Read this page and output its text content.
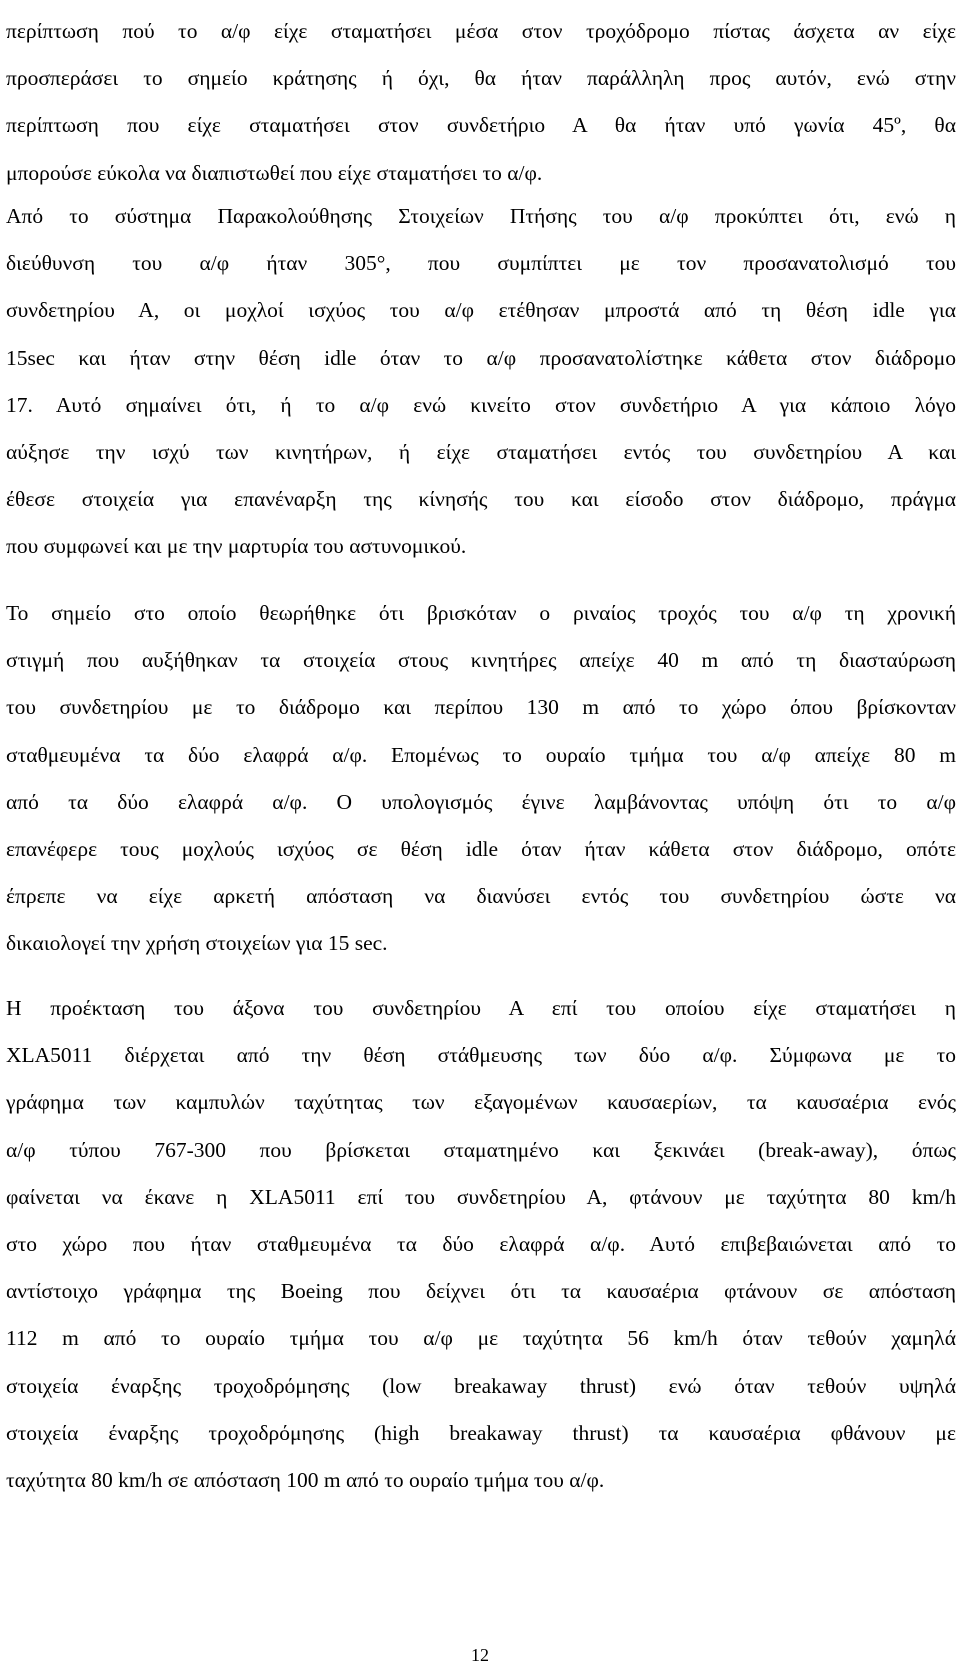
περίπτωση πού το α/φ είχε σταματήσει μέσα στον τροχόδρομο πίστας άσχετα αν είχε
προσπεράσει το σημείο κράτησης ή όχι, θα ήταν παράλληλη προς αυτόν, ενώ στην
περίπτωση που είχε σταματήσει στον συνδετήριο Α θα ήταν υπό γωνία 45º, θα
μπορούσε εύκολα να διαπιστωθεί που είχε σταματήσει το α/φ.
Από το σύστημα Παρακολούθησης Στοιχείων Πτήσης του α/φ προκύπτει ότι, ενώ η
διεύθυνση του α/φ ήταν 305°, που συμπίπτει με τον προσανατολισμό του
συνδετηρίου Α, οι μοχλοί ισχύος του α/φ ετέθησαν μπροστά από τη θέση idle για
15sec και ήταν στην θέση idle όταν το α/φ προσανατολίστηκε κάθετα στον διάδρομο
17. Αυτό σημαίνει ότι, ή το α/φ ενώ κινείτο στον συνδετήριο Α για κάποιο λόγο
αύξησε την ισχύ των κινητήρων, ή είχε σταματήσει εντός του συνδετηρίου Α και
έθεσε στοιχεία για επανέναρξη της κίνησής του και είσοδο στον διάδρομο, πράγμα
που συμφωνεί και με την μαρτυρία του αστυνομικού.
Το σημείο στο οποίο θεωρήθηκε ότι βρισκόταν ο ριναίος τροχός του α/φ τη χρονική
στιγμή που αυξήθηκαν τα στοιχεία στους κινητήρες απείχε 40 m από τη διασταύρωση
του συνδετηρίου με το διάδρομο και περίπου 130 m από το χώρο όπου βρίσκονταν
σταθμευμένα τα δύο ελαφρά α/φ. Επομένως το ουραίο τμήμα του α/φ απείχε 80 m
από τα δύο ελαφρά α/φ. Ο υπολογισμός έγινε λαμβάνοντας υπόψη ότι το α/φ
επανέφερε τους μοχλούς ισχύος σε θέση idle όταν ήταν κάθετα στον διάδρομο, οπότε
έπρεπε να είχε αρκετή απόσταση να διανύσει εντός του συνδετηρίου ώστε να
δικαιολογεί την χρήση στοιχείων για 15 sec.
Η προέκταση του άξονα του συνδετηρίου Α επί του οποίου είχε σταματήσει η
XLA5011 διέρχεται από την θέση στάθμευσης των δύο α/φ. Σύμφωνα με το
γράφημα των καμπυλών ταχύτητας των εξαγομένων καυσαερίων, τα καυσαέρια ενός
α/φ τύπου 767-300 που βρίσκεται σταματημένο και ξεκινάει (break-away), όπως
φαίνεται να έκανε η XLA5011 επί του συνδετηρίου Α, φτάνουν με ταχύτητα 80 km/h
στο χώρο που ήταν σταθμευμένα τα δύο ελαφρά α/φ. Αυτό επιβεβαιώνεται από το
αντίστοιχο γράφημα της Boeing που δείχνει ότι τα καυσαέρια φτάνουν σε απόσταση
112 m από το ουραίο τμήμα του α/φ με ταχύτητα 56 km/h όταν τεθούν χαμηλά
στοιχεία έναρξης τροχοδρόμησης (low breakaway thrust) ενώ όταν τεθούν υψηλά
στοιχεία έναρξης τροχοδρόμησης (high breakaway thrust) τα καυσαέρια φθάνουν με
ταχύτητα 80 km/h σε απόσταση 100 m από το ουραίο τμήμα του α/φ.
12
